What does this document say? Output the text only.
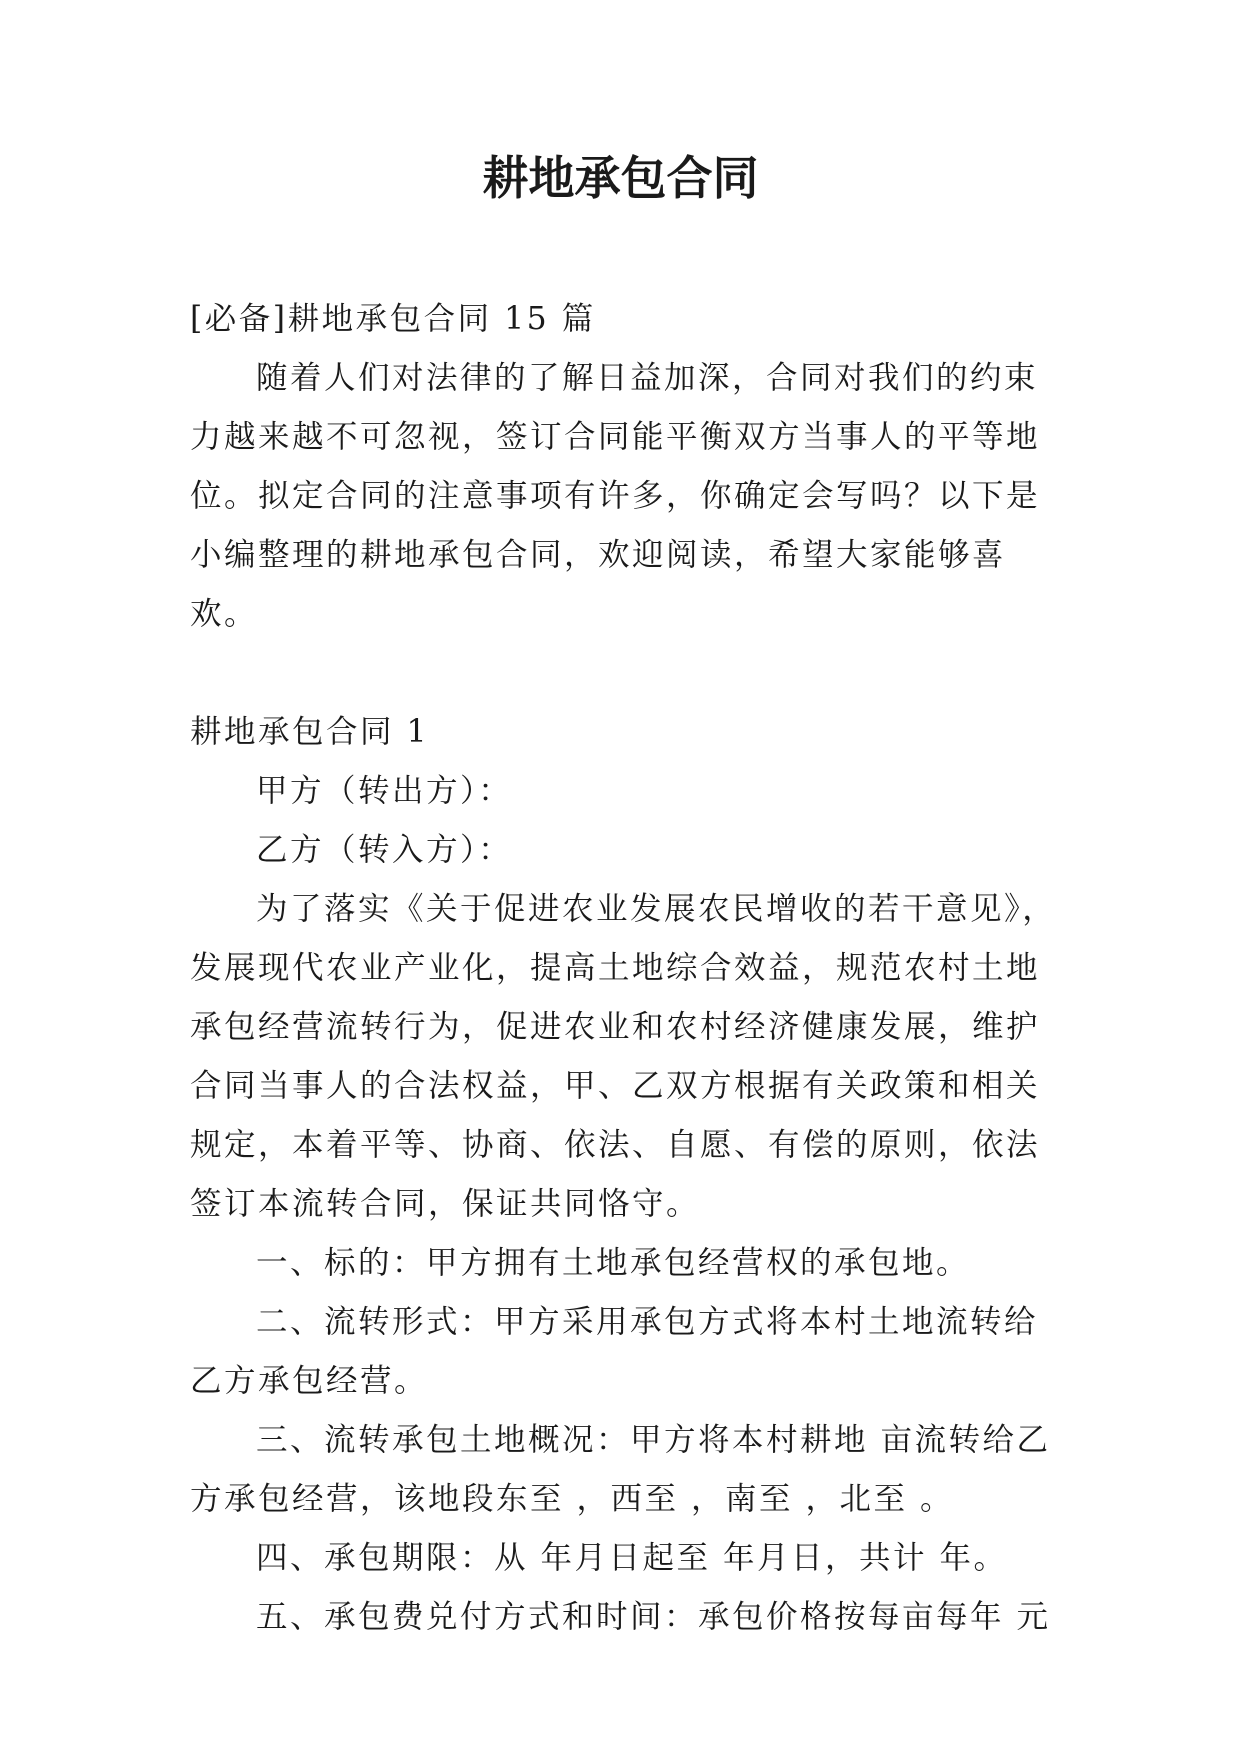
耕地承包合同

[必备]耕地承包合同 15 篇

随着人们对法律的了解日益加深，合同对我们的约束力越来越不可忽视，签订合同能平衡双方当事人的平等地位。拟定合同的注意事项有许多，你确定会写吗？以下是小编整理的耕地承包合同，欢迎阅读，希望大家能够喜欢。

耕地承包合同 1

甲方（转出方）：

乙方（转入方）：

为了落实《关于促进农业发展农民增收的若干意见》，发展现代农业产业化，提高土地综合效益，规范农村土地承包经营流转行为，促进农业和农村经济健康发展，维护合同当事人的合法权益，甲、乙双方根据有关政策和相关规定，本着平等、协商、依法、自愿、有偿的原则，依法签订本流转合同，保证共同恪守。

一、标的：甲方拥有土地承包经营权的承包地。

二、流转形式：甲方采用承包方式将本村土地流转给乙方承包经营。

三、流转承包土地概况：甲方将本村耕地 亩流转给乙方承包经营，该地段东至 ，西至 ，南至 ，北至 。

四、承包期限：从 年月日起至 年月日，共计 年。

五、承包费兑付方式和时间：承包价格按每亩每年 元
